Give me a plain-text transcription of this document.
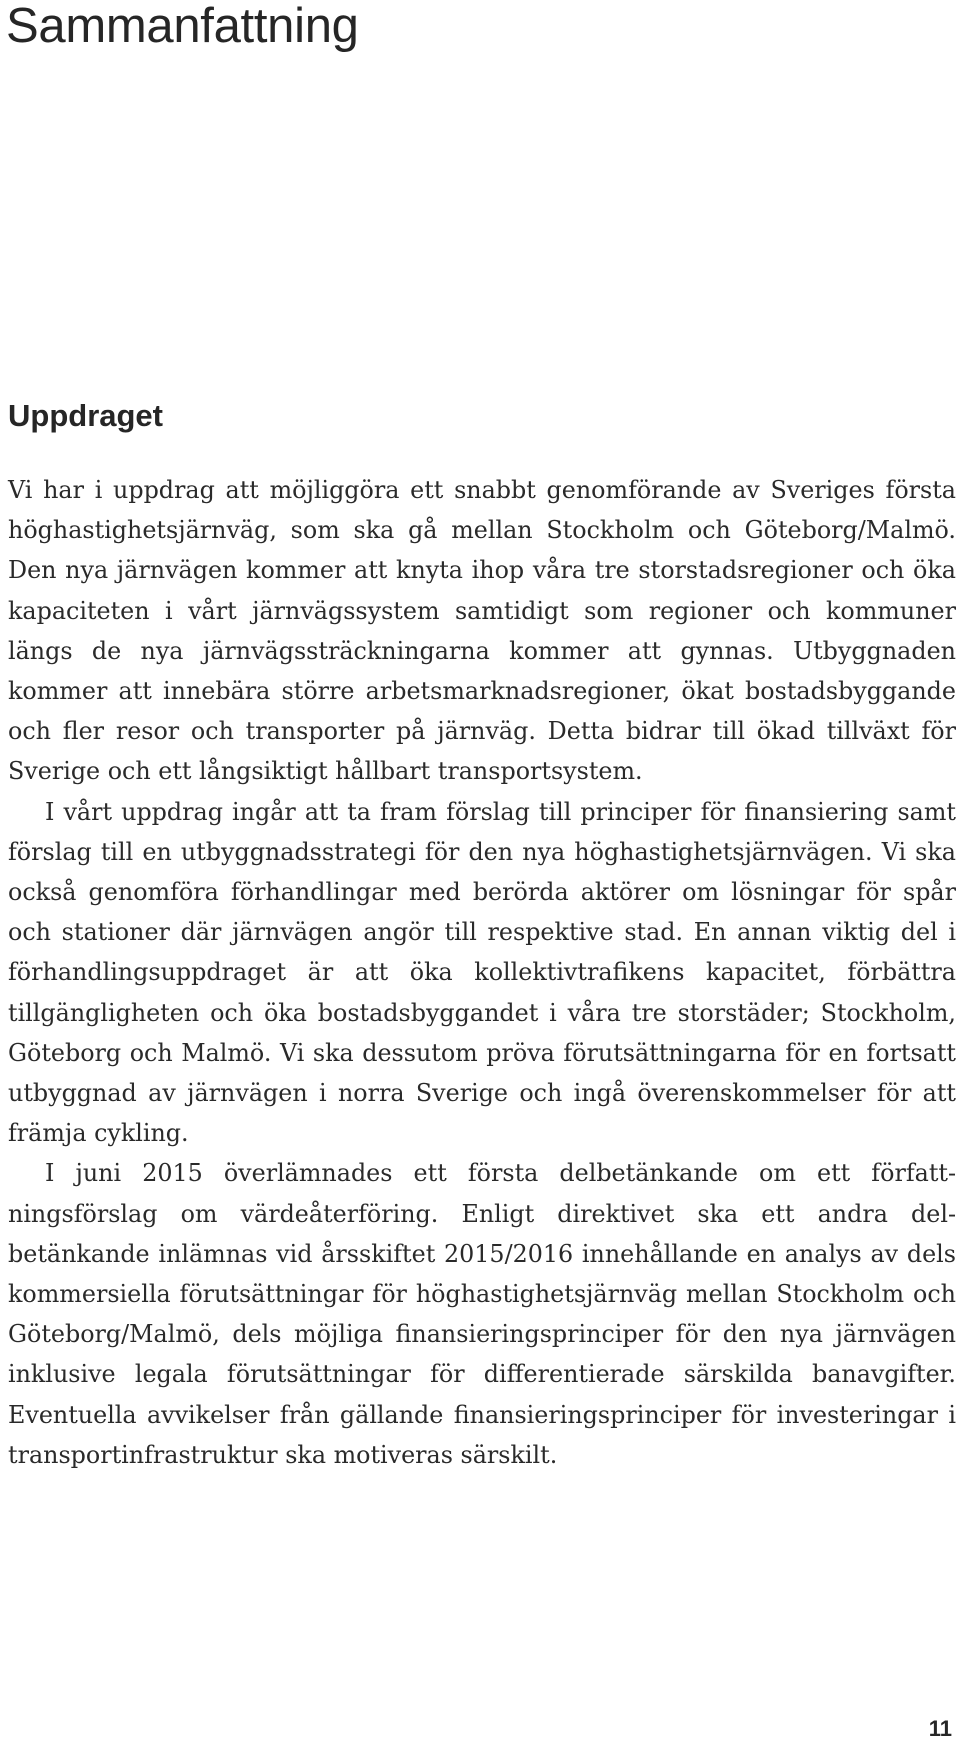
Sammanfattning
Uppdraget

Vi har i uppdrag att möjliggöra ett snabbt genomförande av Sveriges första höghastighetsjärnväg, som ska gå mellan Stockholm och Göteborg/Malmö. Den nya järnvägen kommer att knyta ihop våra tre storstadsregioner och öka kapaciteten i vårt järnvägssystem samtidigt som regioner och kommuner längs de nya järnvägssträckningarna kommer att gynnas. Utbyggnaden kommer att innebära större arbetsmarknadsregioner, ökat bostadsbyggande och fler resor och transporter på järnväg. Detta bidrar till ökad tillväxt för Sverige och ett långsiktigt hållbart transportsystem.

I vårt uppdrag ingår att ta fram förslag till principer för finansiering samt förslag till en utbyggnadsstrategi för den nya höghastighetsjärnvägen. Vi ska också genomföra förhandlingar med berörda aktörer om lösningar för spår och stationer där järnvägen angör till respektive stad. En annan viktig del i förhandlingsuppdraget är att öka kollektivtrafikens kapacitet, förbättra tillgängligheten och öka bostadsbyggandet i våra tre storstäder; Stockholm, Göteborg och Malmö. Vi ska dessutom pröva förutsättningarna för en fortsatt utbyggnad av järnvägen i norra Sverige och ingå överenskommelser för att främja cykling.

I juni 2015 överlämnades ett första delbetänkande om ett författningsförslag om värdeåterföring. Enligt direktivet ska ett andra delbetänkande inlämnas vid årsskiftet 2015/2016 innehållande en analys av dels kommersiella förutsättningar för höghastighetsjärnväg mellan Stockholm och Göteborg/Malmö, dels möjliga finansieringsprinciper för den nya järnvägen inklusive legala förutsättningar för differentierade särskilda banavgifter. Eventuella avvikelser från gällande finansieringsprinciper för investeringar i transportinfrastruktur ska motiveras särskilt.

11
